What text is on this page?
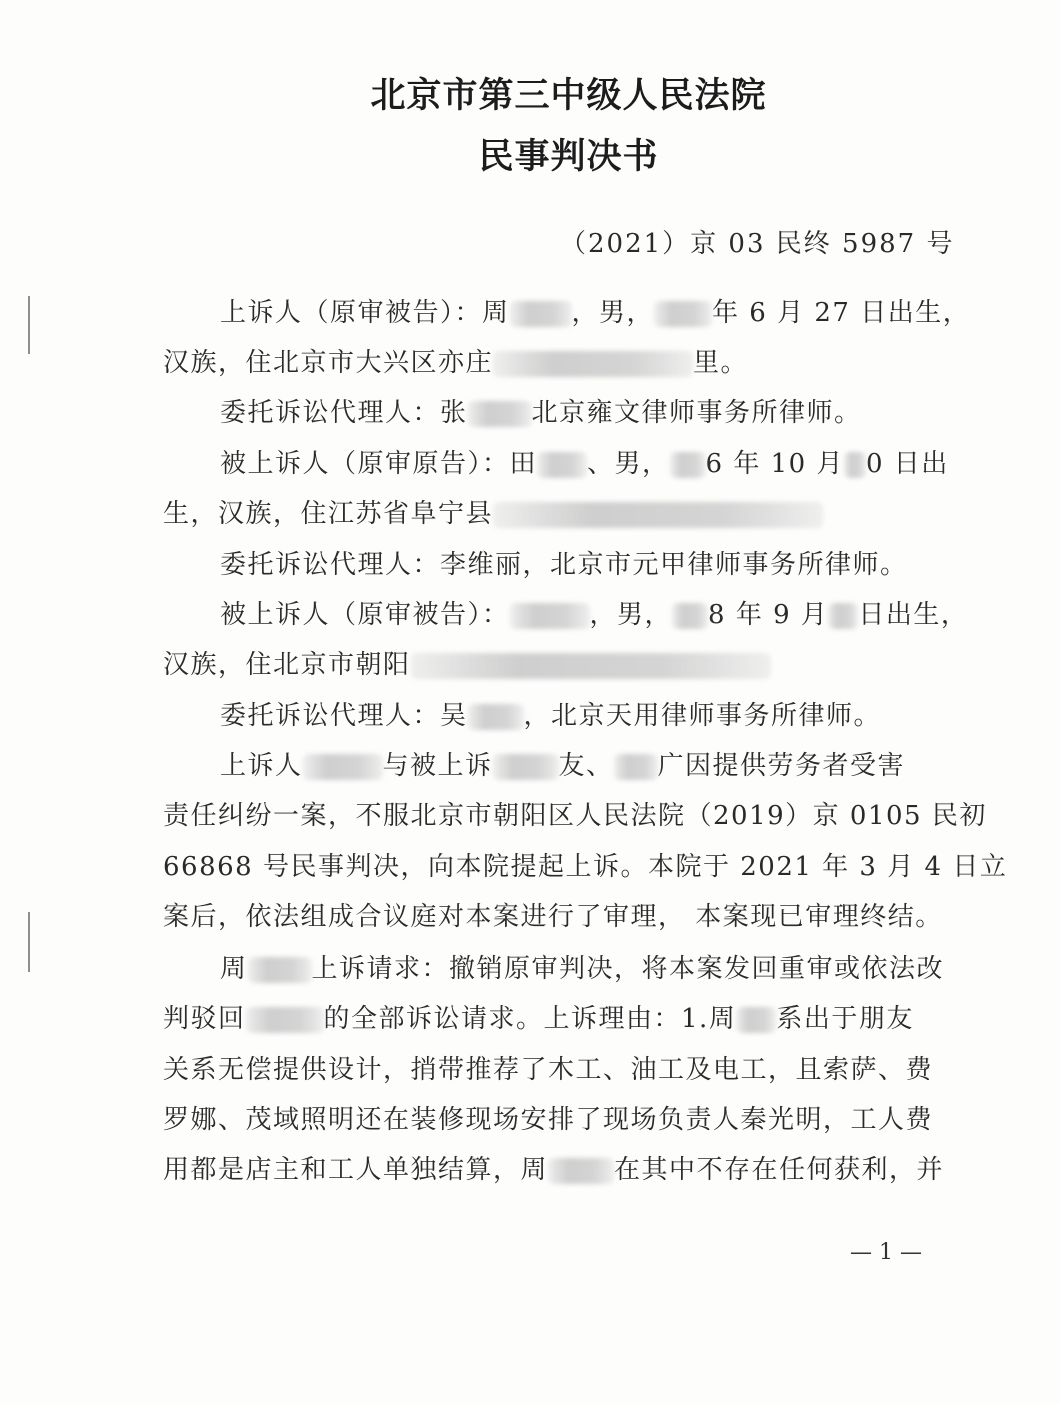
北京市第三中级人民法院
民事判决书
（2021）京 03 民终 5987 号
上诉人（原审被告）：周 ，男， 年 6 月 27 日出生，
汉族，住北京市大兴区亦庄	里。
委托诉讼代理人：张 北京雍文律师事务所律师。
被上诉人（原审原告）：田 、男， 6 年 10 月 0 日出
生，汉族，住江苏省阜宁县
委托诉讼代理人：李维丽，北京市元甲律师事务所律师。
被上诉人（原审被告）：	，男， 8 年 9 月 日出生，
汉族，住北京市朝阳
委托诉讼代理人：吴 ，北京天用律师事务所律师。
上诉人	与被上诉	友、 广因提供劳务者受害
责任纠纷一案，不服北京市朝阳区人民法院（2019）京 0105 民初
66868 号民事判决，向本院提起上诉。本院于 2021 年 3 月 4 日立
案后，依法组成合议庭对本案进行了审理， 本案现已审理终结。
周 上诉请求：撤销原审判决，将本案发回重审或依法改
判驳回	的全部诉讼请求。上诉理由：1.周 系出于朋友
关系无偿提供设计，捎带推荐了木工、油工及电工，且索萨、费
罗娜、茂域照明还在装修现场安排了现场负责人秦光明，工人费
用都是店主和工人单独结算，周	在其中不存在任何获利，并
— 1 —
